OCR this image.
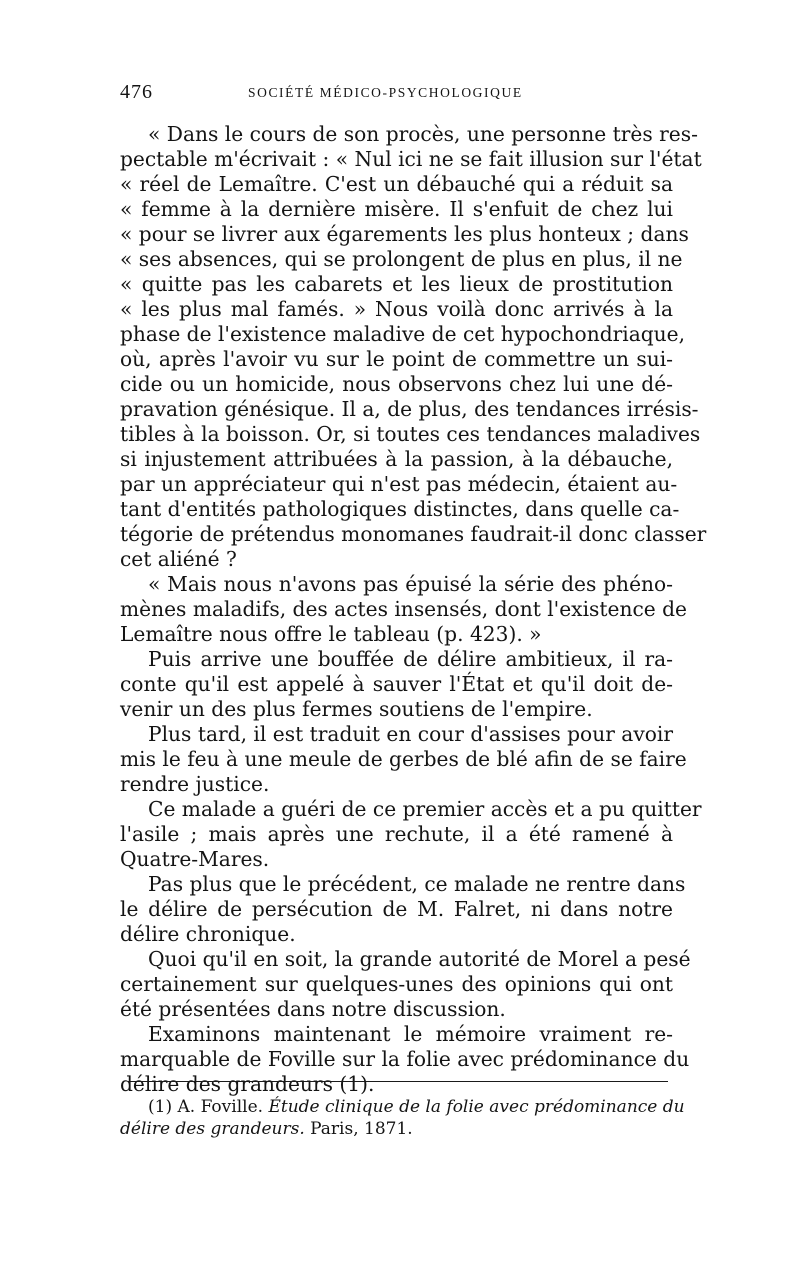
476	SOCIÉTÉ MÉDICO-PSYCHOLOGIQUE
« Dans le cours de son procès, une personne très res-
pectable m'écrivait : « Nul ici ne se fait illusion sur l'état
« réel de Lemaître. C'est un débauché qui a réduit sa
« femme à la dernière misère. Il s'enfuit de chez lui
« pour se livrer aux égarements les plus honteux ; dans
« ses absences, qui se prolongent de plus en plus, il ne
« quitte pas les cabarets et les lieux de prostitution
« les plus mal famés. » Nous voilà donc arrivés à la
phase de l'existence maladive de cet hypochondriaque,
où, après l'avoir vu sur le point de commettre un sui-
cide ou un homicide, nous observons chez lui une dé-
pravation génésique. Il a, de plus, des tendances irrésis-
tibles à la boisson. Or, si toutes ces tendances maladives
si injustement attribuées à la passion, à la débauche,
par un appréciateur qui n'est pas médecin, étaient au-
tant d'entités pathologiques distinctes, dans quelle ca-
tégorie de prétendus monomanes faudrait-il donc classer
cet aliéné ?
« Mais nous n'avons pas épuisé la série des phéno-
mènes maladifs, des actes insensés, dont l'existence de
Lemaître nous offre le tableau (p. 423). »
Puis arrive une bouffée de délire ambitieux, il ra-
conte qu'il est appelé à sauver l'État et qu'il doit de-
venir un des plus fermes soutiens de l'empire.
Plus tard, il est traduit en cour d'assises pour avoir
mis le feu à une meule de gerbes de blé afin de se faire
rendre justice.
Ce malade a guéri de ce premier accès et a pu quitter
l'asile ; mais après une rechute, il a été ramené à
Quatre-Mares.
Pas plus que le précédent, ce malade ne rentre dans
le délire de persécution de M. Falret, ni dans notre
délire chronique.
Quoi qu'il en soit, la grande autorité de Morel a pesé
certainement sur quelques-unes des opinions qui ont
été présentées dans notre discussion.
Examinons maintenant le mémoire vraiment re-
marquable de Foville sur la folie avec prédominance du
délire des grandeurs (1).
(1) A. Foville. Étude clinique de la folie avec prédominance du
délire des grandeurs. Paris, 1871.
